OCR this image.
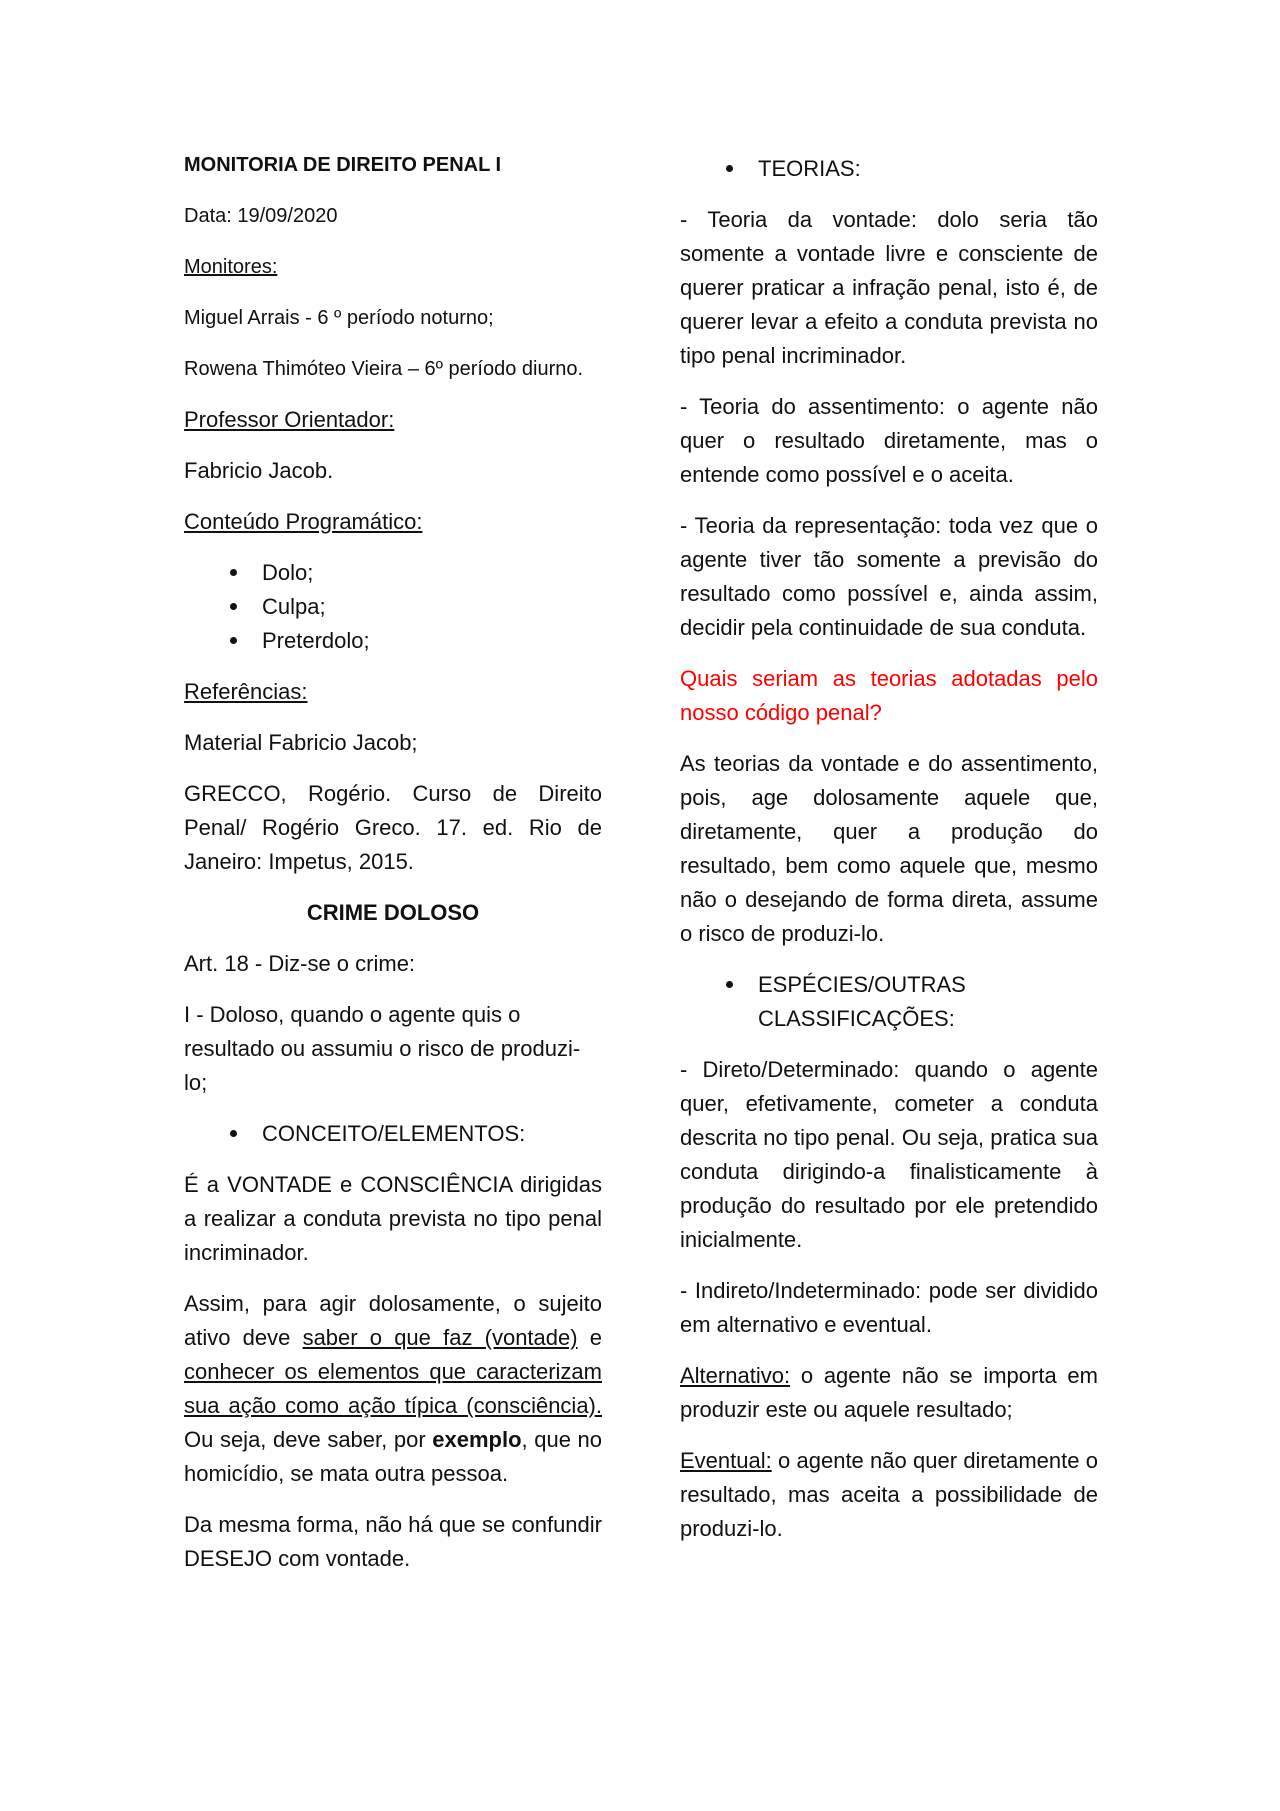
MONITORIA DE DIREITO PENAL I

Data: 19/09/2020

Monitores:

Miguel Arrais - 6 º período noturno;

Rowena Thimóteo Vieira – 6º período diurno.

Professor Orientador:

Fabricio Jacob.

Conteúdo Programático:

Dolo;
Culpa;
Preterdolo;

Referências:

Material Fabricio Jacob;

GRECCO, Rogério. Curso de Direito Penal/ Rogério Greco. 17. ed. Rio de Janeiro: Impetus, 2015.

CRIME DOLOSO

Art. 18 - Diz-se o crime:

I - Doloso, quando o agente quis o resultado ou assumiu o risco de produzi-lo;

CONCEITO/ELEMENTOS:

É a VONTADE e CONSCIÊNCIA dirigidas a realizar a conduta prevista no tipo penal incriminador.

Assim, para agir dolosamente, o sujeito ativo deve saber o que faz (vontade) e conhecer os elementos que caracterizam sua ação como ação típica (consciência). Ou seja, deve saber, por exemplo, que no homicídio, se mata outra pessoa.

Da mesma forma, não há que se confundir DESEJO com vontade.

TEORIAS:

- Teoria da vontade: dolo seria tão somente a vontade livre e consciente de querer praticar a infração penal, isto é, de querer levar a efeito a conduta prevista no tipo penal incriminador.

- Teoria do assentimento: o agente não quer o resultado diretamente, mas o entende como possível e o aceita.

- Teoria da representação: toda vez que o agente tiver tão somente a previsão do resultado como possível e, ainda assim, decidir pela continuidade de sua conduta.

Quais seriam as teorias adotadas pelo nosso código penal?

As teorias da vontade e do assentimento, pois, age dolosamente aquele que, diretamente, quer a produção do resultado, bem como aquele que, mesmo não o desejando de forma direta, assume o risco de produzi-lo.

ESPÉCIES/OUTRAS CLASSIFICAÇÕES:

- Direto/Determinado: quando o agente quer, efetivamente, cometer a conduta descrita no tipo penal. Ou seja, pratica sua conduta dirigindo-a finalisticamente à produção do resultado por ele pretendido inicialmente.

- Indireto/Indeterminado: pode ser dividido em alternativo e eventual.

Alternativo: o agente não se importa em produzir este ou aquele resultado;

Eventual: o agente não quer diretamente o resultado, mas aceita a possibilidade de produzi-lo.
